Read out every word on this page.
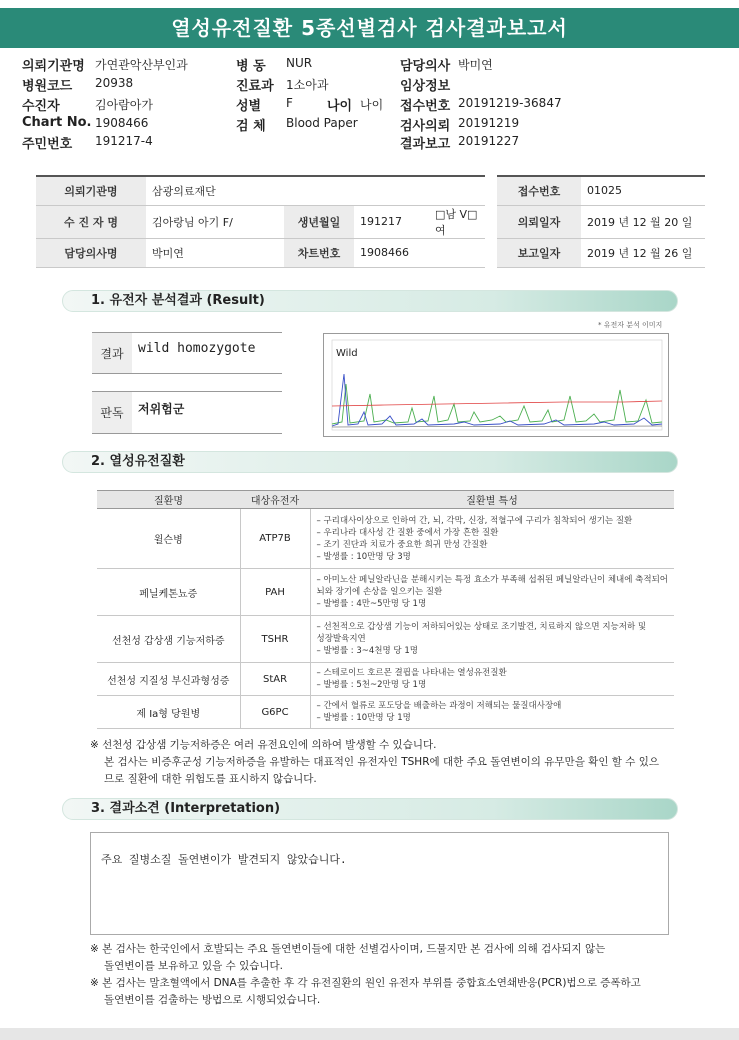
열성유전질환 5종선별검사 검사결과보고서
의뢰기관명 가연관악산부인과
병원코드 20938
수진자	김아람아가
Chart No. 1908466
주민번호 191217-4
병 동 NUR
진료과 1소아과
성별 F	나이 나이
검 체 Blood Paper
담당의사 박미연
임상정보
접수번호 20191219-36847
검사의뢰 20191219
결과보고 20191227
의뢰기관명	삼광의료재단					접수번호	01025
수 진 자 명	김아랑님 아기 F/	생년월일	191217	□남 V□여		의뢰일자	2019 년 12 월 20 일
담당의사명	박미연	차트번호	1908466			보고일자	2019 년 12 월 26 일
1. 유전자 분석결과 (Result)
* 유전자 분석 이미지
결과	wild homozygote
판독	저위험군
Wild
2. 열성유전질환
질환명	대상유전자	질환별 특성
윌슨병	ATP7B	– 구리대사이상으로 인하여 간, 뇌, 각막, 신장, 적혈구에 구리가 침착되어 생기는 질환
– 우리나라 대사성 간 질환 중에서 가장 흔한 질환
– 조기 진단과 치료가 중요한 희귀 만성 간질환
– 발생률 : 10만명 당 3명

페닐케톤뇨증	PAH	– 아미노산 페닐알라닌을 분해시키는 특정 효소가 부족해 섭취된 페닐알라닌이 체내에 축적되어
뇌와 장기에 손상을 일으키는 질환
– 발병률 : 4만~5만명 당 1명

선천성 갑상샘 기능저하증	TSHR	– 선천적으로 갑상샘 기능이 저하되어있는 상태로 조기발견, 치료하지 않으면 지능저하 및
성장발육지연
– 발병률 : 3~4천명 당 1명

선천성 지질성 부신과형성증	StAR	– 스테로이드 호르몬 결핍을 나타내는 열성유전질환
– 발병률 : 5천~2만명 당 1명

제 Ia형 당원병	G6PC	– 간에서 혈류로 포도당을 배출하는 과정이 저해되는 물질대사장애
– 발병률 : 10만명 당 1명
※ 선천성 갑상샘 기능저하증은 여러 유전요인에 의하여 발생할 수 있습니다.
본 검사는 비증후군성 기능저하증을 유발하는 대표적인 유전자인 TSHR에 대한 주요 돌연변이의 유무만을 확인 할 수 있으
므로 질환에 대한 위험도를 표시하지 않습니다.
3. 결과소견 (Interpretation)
주요 질병소질 돌연변이가 발견되지 않았습니다.
※ 본 검사는 한국인에서 호발되는 주요 돌연변이들에 대한 선별검사이며, 드물지만 본 검사에 의해 검사되지 않는
돌연변이를 보유하고 있을 수 있습니다.
※ 본 검사는 말초혈액에서 DNA를 추출한 후 각 유전질환의 원인 유전자 부위를 중합효소연쇄반응(PCR)법으로 증폭하고
돌연변이를 검출하는 방법으로 시행되었습니다.
